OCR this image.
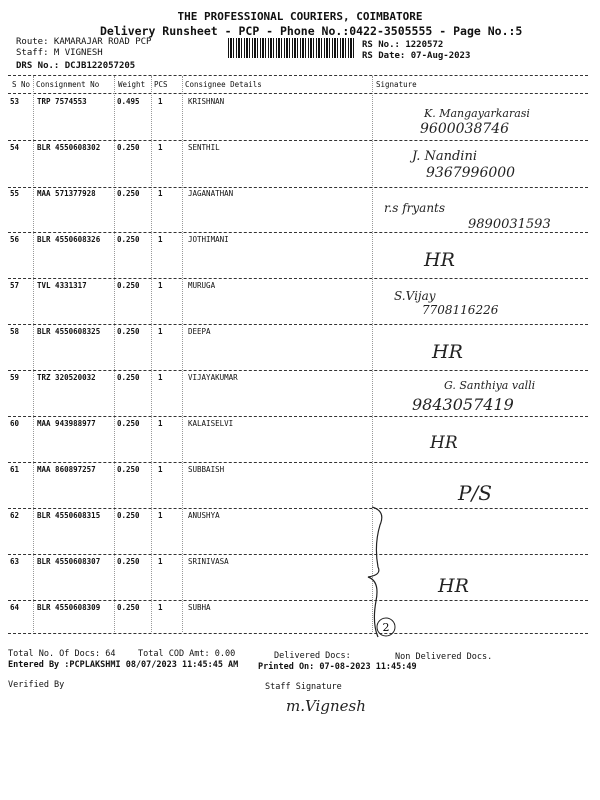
THE PROFESSIONAL COURIERS, COIMBATORE
Delivery Runsheet - PCP - Phone No.:0422-3505555 - Page No.:5
Route: KAMARAJAR ROAD PCP
Staff: M VIGNESH
DRS No.: DCJB122057205
RS No.: 1220572
RS Date: 07-Aug-2023
S No Consignment No	Weight PCS Consignee Details	Signature
53 TRP 7574553	0.495 1	KRISHNAN
K. Mangayarkarasi
9600038746
54 BLR 4550608302 0.250 1	SENTHIL
J. Nandini
9367996000
55 MAA 571377928	0.250 1	JAGANATHAN
r.s fryants
9890031593
56 BLR 4550608326 0.250 1	JOTHIMANI
HR
57 TVL 4331317	0.250 1	MURUGA
S.Vijay
7708116226
58 BLR 4550608325 0.250 1	DEEPA
HR
59 TRZ 320520032	0.250 1	VIJAYAKUMAR
G. Santhiya valli
9843057419
60 MAA 943988977	0.250 1	KALAISELVI
HR
61 MAA 860897257	0.250 1	SUBBAISH
P/S
62 BLR 4550608315 0.250 1	ANUSHYA
63 BLR 4550608307 0.250 1	SRINIVASA
HR
64 BLR 4550608309 0.250 1	SUBHA
2
Total No. Of Docs: 64	Total COD Amt: 0.00	Delivered Docs:	Non Delivered Docs.
Entered By :PCPLAKSHMI 08/07/2023 11:45:45 AM Printed On: 07-08-2023 11:45:49
Verified By	Staff Signature
m.Vignesh
